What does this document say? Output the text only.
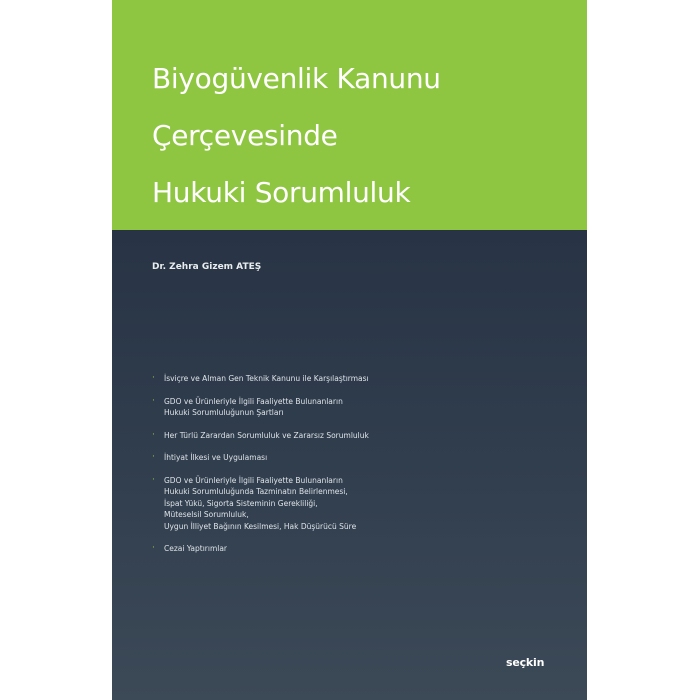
Biyogüvenlik Kanunu
Çerçevesinde
Hukuki Sorumluluk
Dr. Zehra Gizem ATEŞ
· İsviçre ve Alman Gen Teknik Kanunu ile Karşılaştırması
· GDO ve Ürünleriyle İlgili Faaliyette Bulunanların
Hukuki Sorumluluğunun Şartları
· Her Türlü Zarardan Sorumluluk ve Zararsız Sorumluluk
· İhtiyat İlkesi ve Uygulaması
· GDO ve Ürünleriyle İlgili Faaliyette Bulunanların
Hukuki Sorumluluğunda Tazminatın Belirlenmesi,
İspat Yükü, Sigorta Sisteminin Gerekliliği,
Müteselsil Sorumluluk,
Uygun İlliyet Bağının Kesilmesi, Hak Düşürücü Süre
· Cezai Yaptırımlar
seçkin
